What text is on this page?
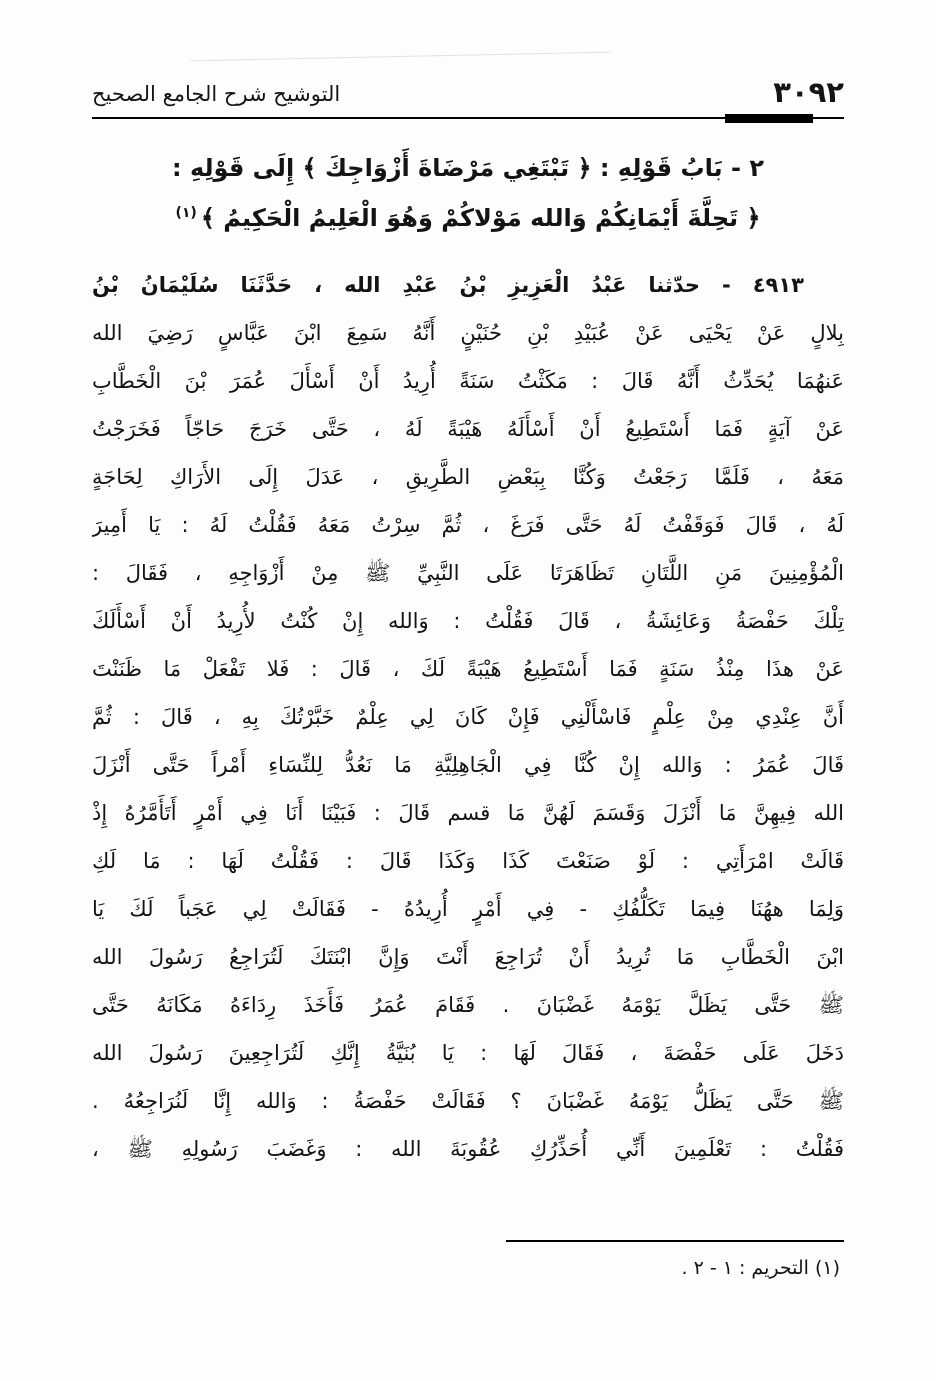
٣٠٩٢
التوشيح شرح الجامع الصحيح
٢ - بَابُ قَوْلِهِ : ﴿ تَبْتَغِي مَرْضَاةَ أَزْوَاجِكَ ﴾ إِلَى قَوْلِهِ :
﴿ تَحِلَّةَ أَيْمَانِكُمْ وَالله مَوْلاكُمْ وَهُوَ الْعَلِيمُ الْحَكِيمُ ﴾$^{(١)}$

٤٩١٣ - حدّثنا عَبْدُ الْعَزِيزِ بْنُ عَبْدِ الله ، حَدَّثَنَا سُلَيْمَانُ بْنُ

بِلالٍ عَنْ يَحْيَى عَنْ عُبَيْدِ بْنِ حُنَيْنٍ أَنَّهُ سَمِعَ ابْنَ عَبَّاسٍ رَضِيَ الله

عَنهُمَا يُحَدِّثُ أَنَّهُ قَالَ : مَكَثْتُ سَنَةً أُرِيدُ أَنْ أَسْأَلَ عُمَرَ بْنَ الْخَطَّابِ

عَنْ آيَةٍ فَمَا أَسْتَطِيعُ أَنْ أَسْأَلَهُ هَيْبَةً لَهُ ، حَتَّى خَرَجَ حَاجّاً فَخَرَجْتُ

مَعَهُ ، فَلَمَّا رَجَعْتُ وَكُنَّا بِبَعْضِ الطَّرِيقِ ، عَدَلَ إِلَى الأَرَاكِ لِحَاجَةٍ

لَهُ ، قَالَ فَوَقَفْتُ لَهُ حَتَّى فَرَغَ ، ثُمَّ سِرْتُ مَعَهُ فَقُلْتُ لَهُ : يَا أَمِيرَ

الْمُؤْمِنِينَ مَنِ اللَّتَانِ تَظَاهَرَتَا عَلَى النَّبِيِّ ﷺ مِنْ أَزْوَاجِهِ ، فَقَالَ :

تِلْكَ حَفْصَةُ وَعَائِشَةُ ، قَالَ فَقُلْتُ : وَالله إِنْ كُنْتُ لأُرِيدُ أَنْ أَسْأَلَكَ

عَنْ هذَا مِنْذُ سَنَةٍ فَمَا أَسْتَطِيعُ هَيْبَةً لَكَ ، قَالَ : فَلا تَفْعَلْ مَا ظَنَنْتَ

أَنَّ عِنْدِي مِنْ عِلْمٍ فَاسْأَلْنِي فَإِنْ كَانَ لِي عِلْمٌ خَبَّرْتُكَ بِهِ ، قَالَ : ثُمَّ

قَالَ عُمَرُ : وَالله إِنْ كُنَّا فِي الْجَاهِلِيَّةِ مَا نَعُدُّ لِلنِّسَاءِ أَمْراً حَتَّى أَنْزَلَ

الله فِيهِنَّ مَا أَنْزَلَ وَقَسَمَ لَهُنَّ مَا قسم قَالَ : فَبَيْنَا أَنَا فِي أَمْرٍ أَتَأَمَّرُهُ إِذْ

قَالَتْ امْرَأَتِي : لَوْ صَنَعْتَ كَذَا وَكَذَا قَالَ : فَقُلْتُ لَهَا : مَا لَكِ

وَلِمَا ههُنَا فِيمَا تَكَلُّفُكِ - فِي أَمْرٍ أُرِيدُهُ - فَقَالَتْ لِي عَجَباً لَكَ يَا

ابْنَ الْخَطَّابِ مَا تُرِيدُ أَنْ تُرَاجِعَ أَنْتَ وَإِنَّ ابْنَتَكَ لَتُرَاجِعُ رَسُولَ الله

ﷺ حَتَّى يَظَلَّ يَوْمَهُ غَضْبَانَ . فَقَامَ عُمَرُ فَأَخَذَ رِدَاءَهُ مَكَانَهُ حَتَّى

دَخَلَ عَلَى حَفْصَةَ ، فَقَالَ لَهَا : يَا بُنَيَّةُ إِنَّكِ لَتُرَاجِعِينَ رَسُولَ الله

ﷺ حَتَّى يَظَلُّ يَوْمَهُ غَضْبَانَ ؟ فَقَالَتْ حَفْصَةُ : وَالله إِنَّا لَنُرَاجِعُهُ .

فَقُلْتُ : تَعْلَمِينَ أَنِّي أُحَذِّرُكِ عُقُوبَةَ الله : وَغَضَبَ رَسُولِهِ ﷺ ،

(١) التحريم : ١ - ٢ .
